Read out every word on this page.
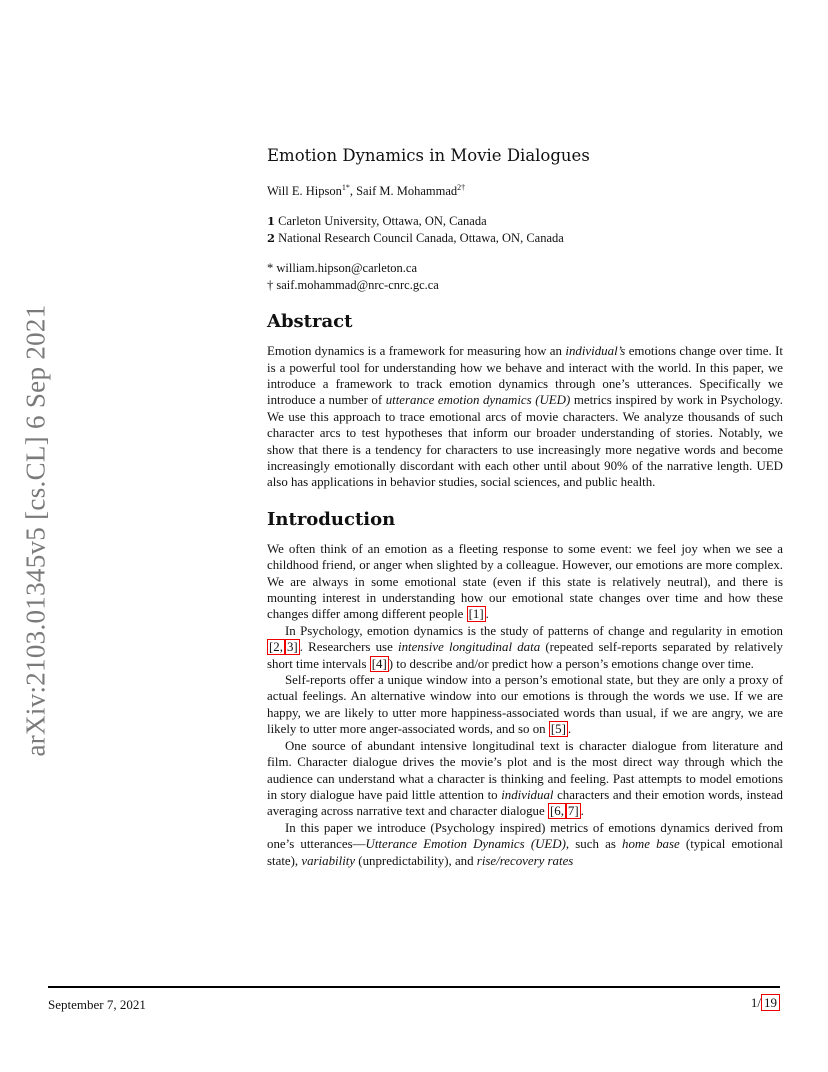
arXiv:2103.01345v5 [cs.CL] 6 Sep 2021
Emotion Dynamics in Movie Dialogues
Will E. Hipson$^{1*}$, Saif M. Mohammad$^{2\dagger}$
1 Carleton University, Ottawa, ON, Canada
2 National Research Council Canada, Ottawa, ON, Canada
* william.hipson@carleton.ca
† saif.mohammad@nrc-cnrc.gc.ca
Abstract

Emotion dynamics is a framework for measuring how an individual’s emotions change over time. It is a powerful tool for understanding how we behave and interact with the world. In this paper, we introduce a framework to track emotion dynamics through one’s utterances. Specifically we introduce a number of utterance emotion dynamics (UED) metrics inspired by work in Psychology. We use this approach to trace emotional arcs of movie characters. We analyze thousands of such character arcs to test hypotheses that inform our broader understanding of stories. Notably, we show that there is a tendency for characters to use increasingly more negative words and become increasingly emotionally discordant with each other until about 90% of the narrative length. UED also has applications in behavior studies, social sciences, and public health.

Introduction

We often think of an emotion as a fleeting response to some event: we feel joy when we see a childhood friend, or anger when slighted by a colleague. However, our emotions are more complex. We are always in some emotional state (even if this state is relatively neutral), and there is mounting interest in understanding how our emotional state changes over time and how these changes differ among different people [1] .

In Psychology, emotion dynamics is the study of patterns of change and regularity in emotion [2, 3] . Researchers use intensive longitudinal data (repeated self-reports separated by relatively short time intervals [4] ) to describe and/or predict how a person’s emotions change over time.

Self-reports offer a unique window into a person’s emotional state, but they are only a proxy of actual feelings. An alternative window into our emotions is through the words we use. If we are happy, we are likely to utter more happiness-associated words than usual, if we are angry, we are likely to utter more anger-associated words, and so on [5] .

One source of abundant intensive longitudinal text is character dialogue from literature and film. Character dialogue drives the movie’s plot and is the most direct way through which the audience can understand what a character is thinking and feeling. Past attempts to model emotions in story dialogue have paid little attention to individual characters and their emotion words, instead averaging across narrative text and character dialogue [6, 7] .

In this paper we introduce (Psychology inspired) metrics of emotions dynamics derived from one’s utterances—Utterance Emotion Dynamics (UED), such as home base (typical emotional state), variability (unpredictability), and rise/recovery rates

September 7, 2021	1/ 19
